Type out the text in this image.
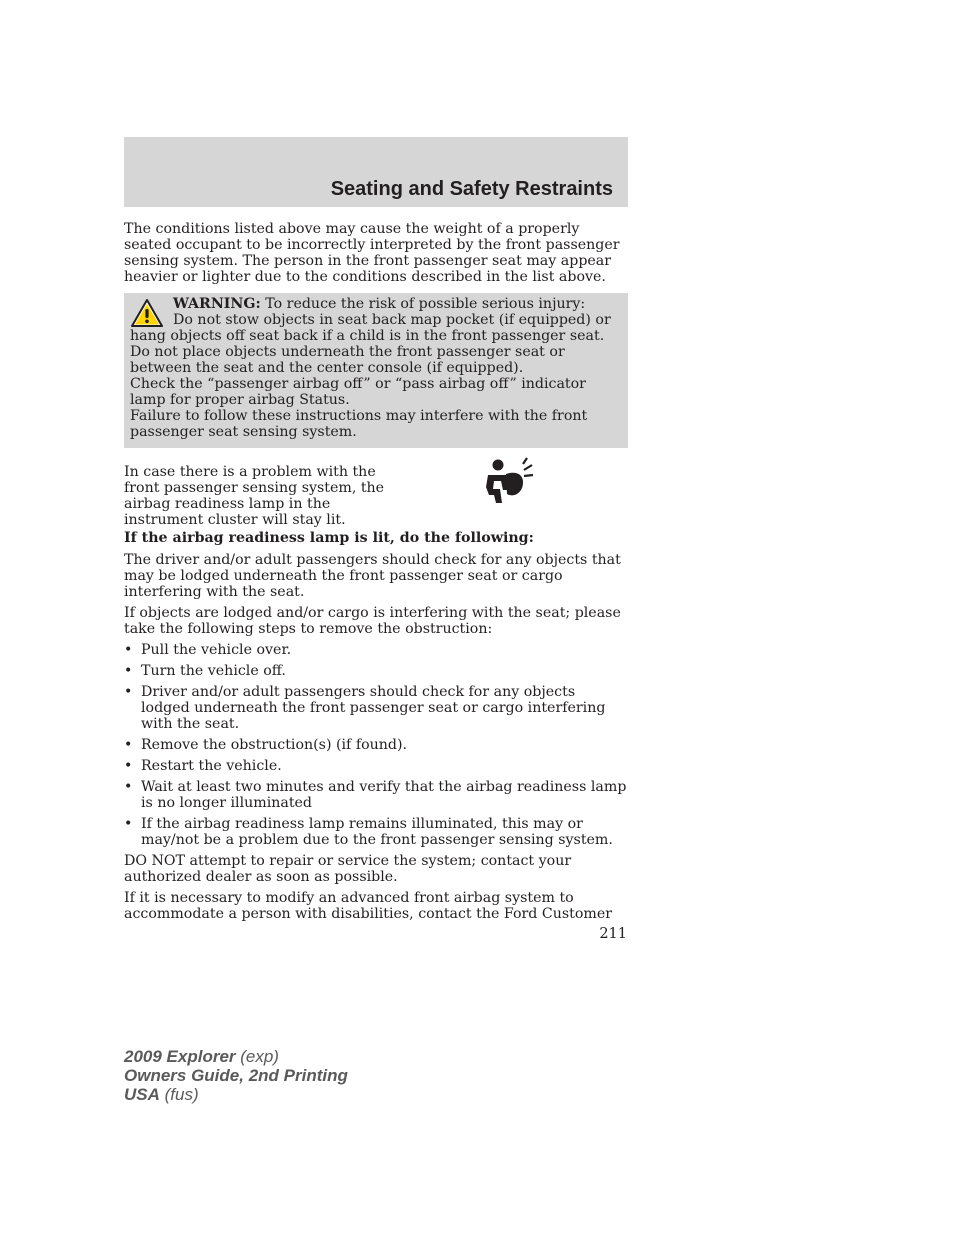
Seating and Safety Restraints

The conditions listed above may cause the weight of a properly seated occupant to be incorrectly interpreted by the front passenger sensing system. The person in the front passenger seat may appear heavier or lighter due to the conditions described in the list above.

WARNING: To reduce the risk of possible serious injury:

Do not stow objects in seat back map pocket (if equipped) or hang objects off seat back if a child is in the front passenger seat.

Do not place objects underneath the front passenger seat or between the seat and the center console (if equipped).

Check the “passenger airbag off” or “pass airbag off” indicator lamp for proper airbag Status.

Failure to follow these instructions may interfere with the front passenger seat sensing system.

In case there is a problem with the front passenger sensing system, the airbag readiness lamp in the instrument cluster will stay lit.

If the airbag readiness lamp is lit, do the following:

The driver and/or adult passengers should check for any objects that may be lodged underneath the front passenger seat or cargo interfering with the seat.

If objects are lodged and/or cargo is interfering with the seat; please take the following steps to remove the obstruction:

• Pull the vehicle over.
• Turn the vehicle off.
• Driver and/or adult passengers should check for any objects lodged underneath the front passenger seat or cargo interfering with the seat.
• Remove the obstruction(s) (if found).
• Restart the vehicle.
• Wait at least two minutes and verify that the airbag readiness lamp is no longer illuminated
• If the airbag readiness lamp remains illuminated, this may or may/not be a problem due to the front passenger sensing system.

DO NOT attempt to repair or service the system; contact your authorized dealer as soon as possible.

If it is necessary to modify an advanced front airbag system to accommodate a person with disabilities, contact the Ford Customer

211
2009 Explorer (exp)
Owners Guide, 2nd Printing
USA (fus)
